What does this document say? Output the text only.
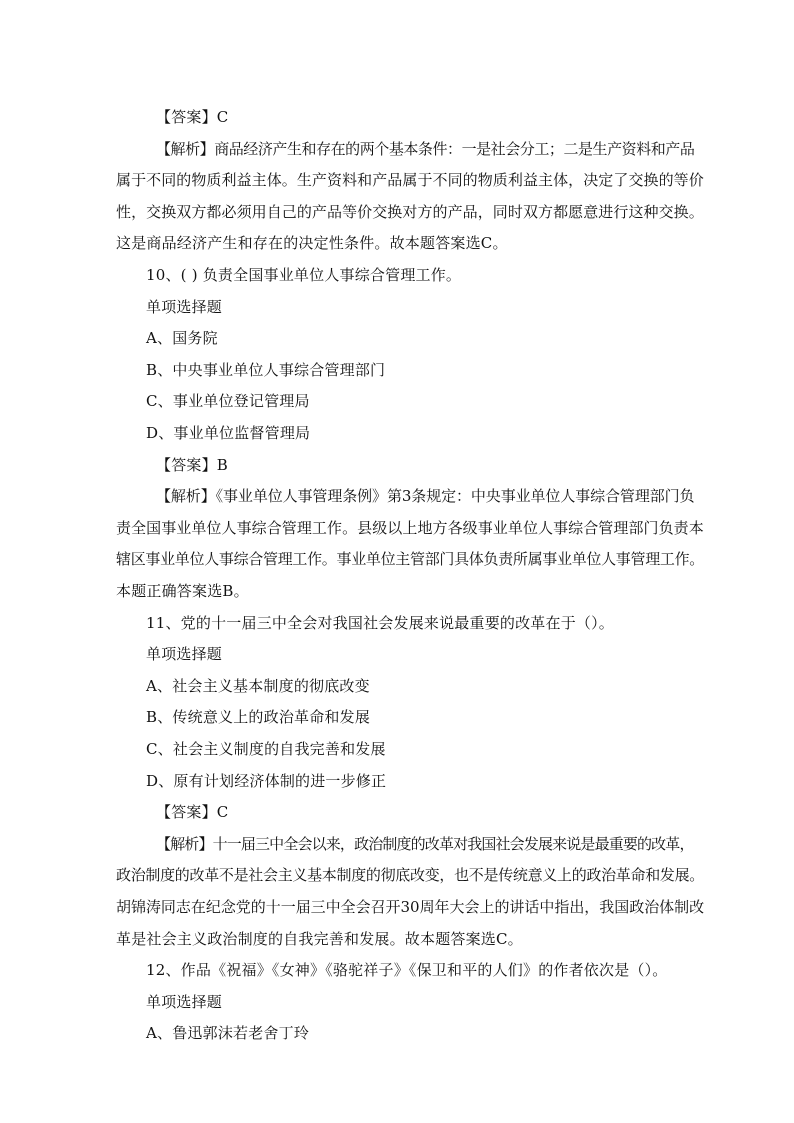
【答案】C
【解析】商品经济产生和存在的两个基本条件：一是社会分工；二是生产资料和产品
属于不同的物质利益主体。生产资料和产品属于不同的物质利益主体，决定了交换的等价
性，交换双方都必须用自己的产品等价交换对方的产品，同时双方都愿意进行这种交换。
这是商品经济产生和存在的决定性条件。故本题答案选C。
10、( ) 负责全国事业单位人事综合管理工作。
单项选择题
A、国务院
B、中央事业单位人事综合管理部门
C、事业单位登记管理局
D、事业单位监督管理局
【答案】B
【解析】《事业单位人事管理条例》第3条规定：中央事业单位人事综合管理部门负
责全国事业单位人事综合管理工作。县级以上地方各级事业单位人事综合管理部门负责本
辖区事业单位人事综合管理工作。事业单位主管部门具体负责所属事业单位人事管理工作。
本题正确答案选B。
11、党的十一届三中全会对我国社会发展来说最重要的改革在于（）。
单项选择题
A、社会主义基本制度的彻底改变
B、传统意义上的政治革命和发展
C、社会主义制度的自我完善和发展
D、原有计划经济体制的进一步修正
【答案】C
【解析】十一届三中全会以来，政治制度的改革对我国社会发展来说是最重要的改革，
政治制度的改革不是社会主义基本制度的彻底改变，也不是传统意义上的政治革命和发展。
胡锦涛同志在纪念党的十一届三中全会召开30周年大会上的讲话中指出，我国政治体制改
革是社会主义政治制度的自我完善和发展。故本题答案选C。
12、作品《祝福》《女神》《骆驼祥子》《保卫和平的人们》的作者依次是（）。
单项选择题
A、鲁迅郭沫若老舍丁玲
